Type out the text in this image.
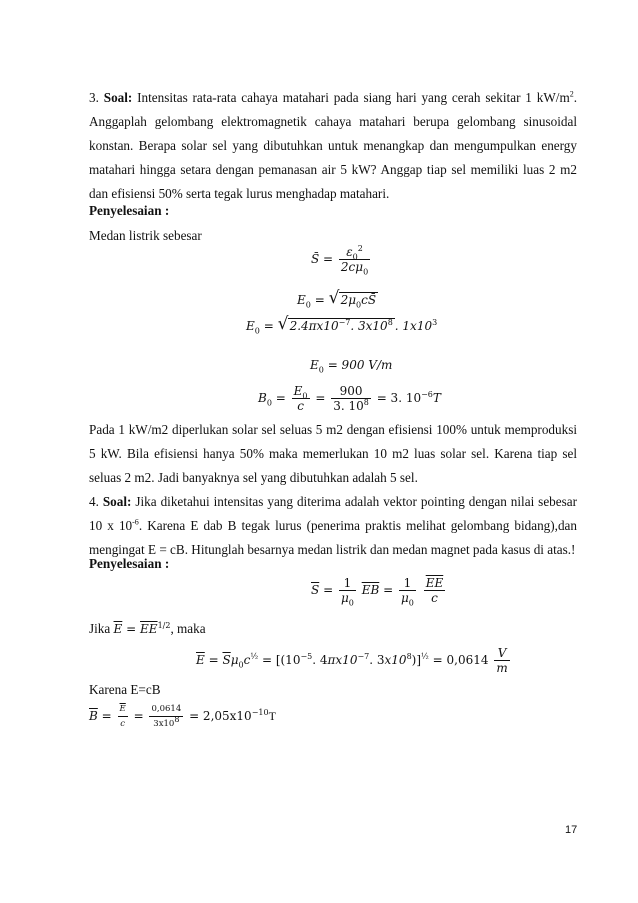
3. Soal: Intensitas rata-rata cahaya matahari pada siang hari yang cerah sekitar 1 $kW/m^2$. Anggaplah gelombang elektromagnetik cahaya matahari berupa gelombang sinusoidal konstan. Berapa solar sel yang dibutuhkan untuk menangkap dan mengumpulkan energy matahari hingga setara dengan pemanasan air 5 kW? Anggap tiap sel memiliki luas 2 m2 dan efisiensi 50% serta tegak lurus menghadap matahari.
Penyelesaian :
Medan listrik sebesar
S̄ = $\frac{\varepsilon_0^2}{2c\mu_0}$
$E_0$ = √ $2\mu_0cS̄$
$E_0$ = √ $2.4\pi x10^{-7}$. $3x10^8$ . $1x10^3$
$E_0 = 900$ V/m
$B_0 = \frac{E_0}{c} = \frac{900}{3. 10^8} = 3$. $10^{-6}T$
Pada 1 kW/m2 diperlukan solar sel seluas 5 m2 dengan efisiensi 100% untuk memproduksi 5 kW. Bila efisiensi hanya 50% maka memerlukan 10 m2 luas solar sel. Karena tiap sel seluas 2 m2. Jadi banyaknya sel yang dibutuhkan adalah 5 sel.
4. Soal: Jika diketahui intensitas yang diterima adalah vektor pointing dengan nilai sebesar 10 x $10^{-6}$. Karena E dab B tegak lurus (penerima praktis melihat gelombang bidang),dan mengingat E = cB. Hitunglah besarnya medan listrik dan medan magnet pada kasus di atas.!
Penyelesaian :
$\overline{S} = \frac{1}{\mu_0} \overline{EB} = \frac{1}{\mu_0}$
$\frac{\overline{EE}}{c}$
Jika $\overline{E} = \overline{EE}^{1/2}$, maka
$\overline{E} = \overline{S}\mu_0c^{\frac{1}{2}} = [(10^{-5}$. $4\pi x10^{-7}$. $3x10^8)]^{\frac{1}{2}} = 0,0614 \frac{V}{m}$
Karena E=cB
$\overline{B} = \frac{\overline{E}}{c} = \frac{0,0614}{3x10^8} = 2,05x10^{-10}T$
17
